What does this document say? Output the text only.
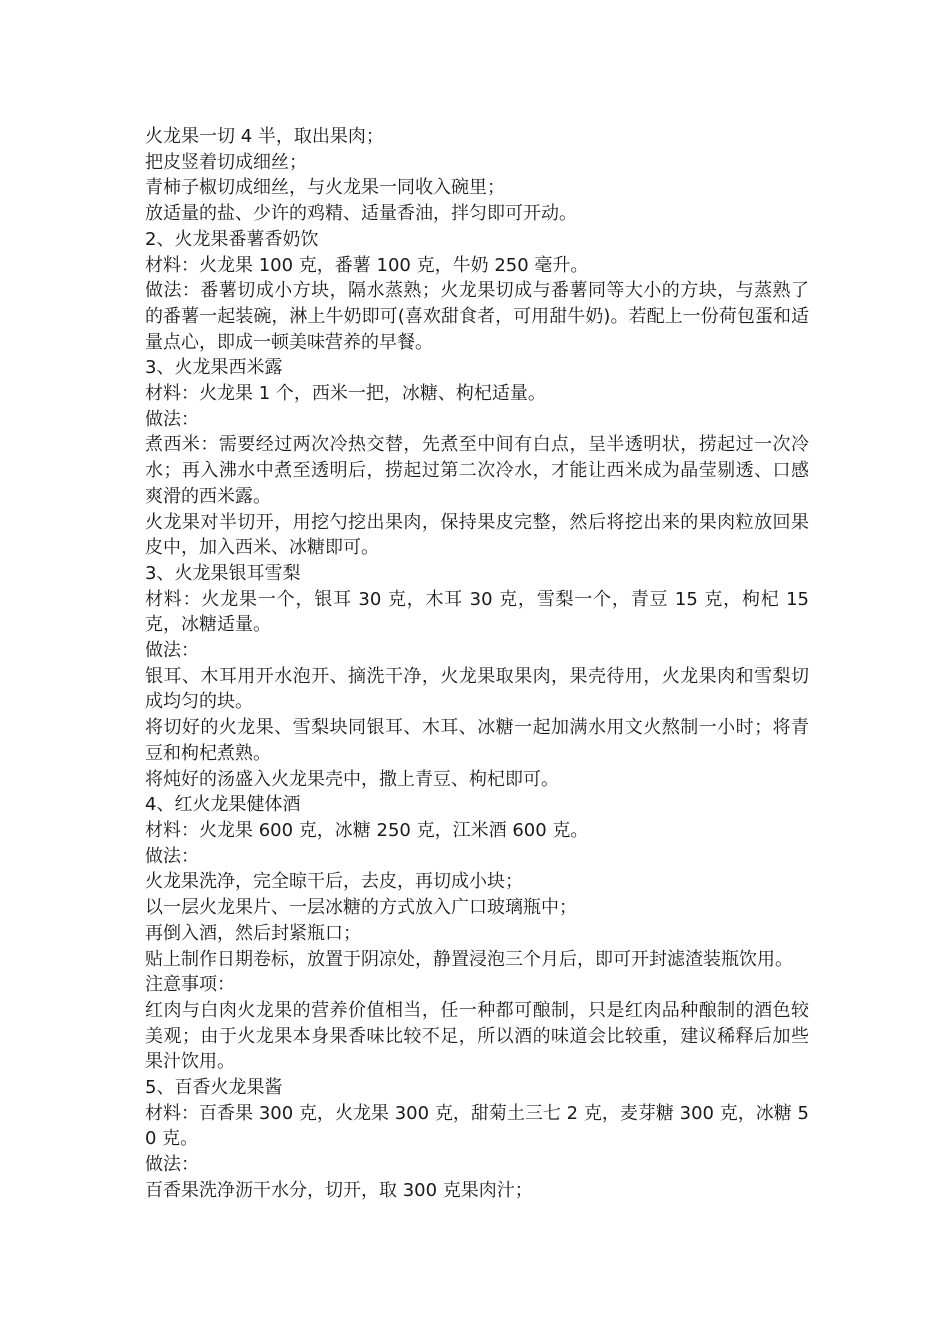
火龙果一切 4 半，取出果肉；

把皮竖着切成细丝；

青柿子椒切成细丝，与火龙果一同收入碗里；

放适量的盐、少许的鸡精、适量香油，拌匀即可开动。

2、火龙果番薯香奶饮

材料：火龙果 100 克，番薯 100 克，牛奶 250 毫升。

做法：番薯切成小方块，隔水蒸熟；火龙果切成与番薯同等大小的方块，与蒸熟了的番薯一起装碗，淋上牛奶即可(喜欢甜食者，可用甜牛奶)。若配上一份荷包蛋和适量点心，即成一顿美味营养的早餐。

3、火龙果西米露

材料：火龙果 1 个，西米一把，冰糖、枸杞适量。

做法：

煮西米：需要经过两次冷热交替，先煮至中间有白点，呈半透明状，捞起过一次冷水；再入沸水中煮至透明后，捞起过第二次冷水，才能让西米成为晶莹剔透、口感爽滑的西米露。

火龙果对半切开，用挖勺挖出果肉，保持果皮完整，然后将挖出来的果肉粒放回果皮中，加入西米、冰糖即可。

3、火龙果银耳雪梨

材料：火龙果一个，银耳 30 克，木耳 30 克，雪梨一个，青豆 15 克，枸杞 15 克，冰糖适量。

做法：

银耳、木耳用开水泡开、摘洗干净，火龙果取果肉，果壳待用，火龙果肉和雪梨切成均匀的块。

将切好的火龙果、雪梨块同银耳、木耳、冰糖一起加满水用文火熬制一小时；将青豆和枸杞煮熟。

将炖好的汤盛入火龙果壳中，撒上青豆、枸杞即可。

4、红火龙果健体酒

材料：火龙果 600 克，冰糖 250 克，江米酒 600 克。

做法：

火龙果洗净，完全晾干后，去皮，再切成小块；

以一层火龙果片、一层冰糖的方式放入广口玻璃瓶中；

再倒入酒，然后封紧瓶口；

贴上制作日期卷标，放置于阴凉处，静置浸泡三个月后，即可开封滤渣装瓶饮用。

注意事项：

红肉与白肉火龙果的营养价值相当，任一种都可酿制，只是红肉品种酿制的酒色较美观；由于火龙果本身果香味比较不足，所以酒的味道会比较重，建议稀释后加些果汁饮用。

5、百香火龙果酱

材料：百香果 300 克，火龙果 300 克，甜菊土三七 2 克，麦芽糖 300 克，冰糖 50 克。

做法：

百香果洗净沥干水分，切开，取 300 克果肉汁；
